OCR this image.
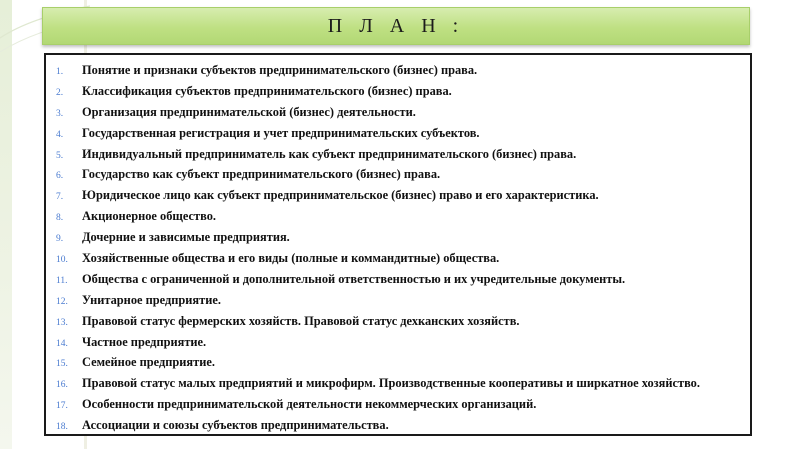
П Л А Н :
1.	Понятие и признаки субъектов предпринимательского (бизнес) права.
2.	Классификация субъектов предпринимательского (бизнес) права.
3.	Организация предпринимательской (бизнес) деятельности.
4.	Государственная регистрация и учет предпринимательских субъектов.
5.	Индивидуальный предприниматель как субъект предпринимательского (бизнес) права.
6.	Государство как субъект предпринимательского (бизнес) права.
7.	Юридическое лицо как субъект предпринимательское (бизнес) право и его характеристика.
8.	Акционерное общество.
9.	Дочерние и зависимые предприятия.
10.	Хозяйственные общества и его виды (полные и коммандитные) общества.
11.	Общества с ограниченной и дополнительной ответственностью и их учредительные документы.
12.	Унитарное предприятие.
13.	Правовой статус фермерских хозяйств. Правовой статус дехканских хозяйств.
14.	Частное предприятие.
15.	Семейное предприятие.
16.	Правовой статус малых предприятий и микрофирм. Производственные кооперативы и ширкатное хозяйство.
17.	Особенности предпринимательской деятельности некоммерческих организаций.
18.	Ассоциации и союзы субъектов предпринимательства.
